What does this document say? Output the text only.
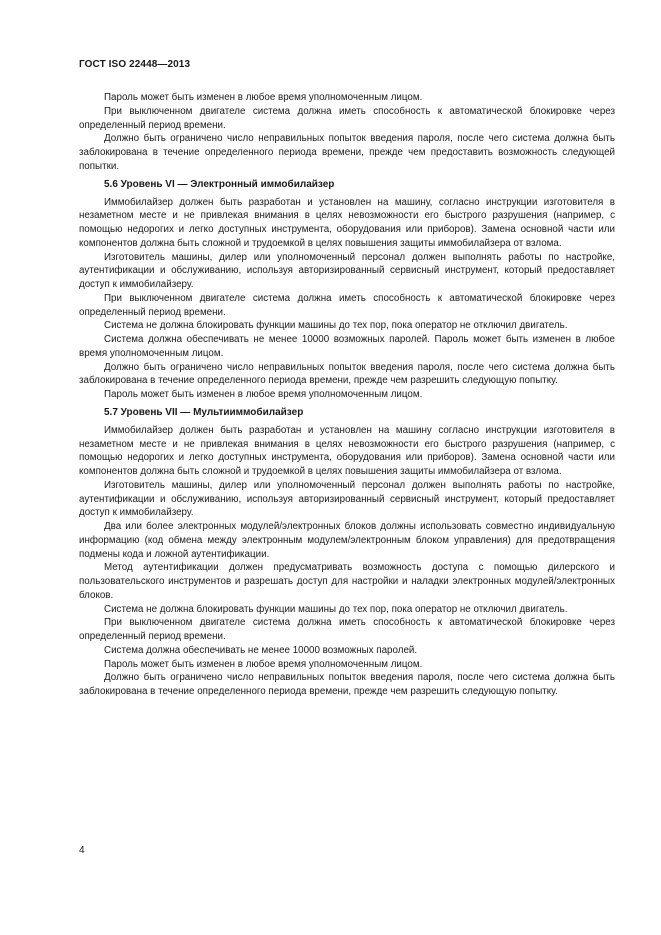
ГОСТ ISO 22448—2013

Пароль может быть изменен в любое время уполномоченным лицом.

При выключенном двигателе система должна иметь способность к автоматической блокировке через определенный период времени.

Должно быть ограничено число неправильных попыток введения пароля, после чего система должна быть заблокирована в течение определенного периода времени, прежде чем предоставить возможность следующей попытки.

5.6 Уровень VI — Электронный иммобилайзер

Иммобилайзер должен быть разработан и установлен на машину, согласно инструкции изготовителя в незаметном месте и не привлекая внимания в целях невозможности его быстрого разрушения (например, с помощью недорогих и легко доступных инструмента, оборудования или приборов). Замена основной части или компонентов должна быть сложной и трудоемкой в целях повышения защиты иммобилайзера от взлома.

Изготовитель машины, дилер или уполномоченный персонал должен выполнять работы по настройке, аутентификации и обслуживанию, используя авторизированный сервисный инструмент, который предоставляет доступ к иммобилайзеру.

При выключенном двигателе система должна иметь способность к автоматической блокировке через определенный период времени.

Система не должна блокировать функции машины до тех пор, пока оператор не отключил двигатель.

Система должна обеспечивать не менее 10000 возможных паролей. Пароль может быть изменен в любое время уполномоченным лицом.

Должно быть ограничено число неправильных попыток введения пароля, после чего система должна быть заблокирована в течение определенного периода времени, прежде чем разрешить следующую попытку.

Пароль может быть изменен в любое время уполномоченным лицом.

5.7 Уровень VII — Мультииммобилайзер

Иммобилайзер должен быть разработан и установлен на машину согласно инструкции изготовителя в незаметном месте и не привлекая внимания в целях невозможности его быстрого разрушения (например, с помощью недорогих и легко доступных инструмента, оборудования или приборов). Замена основной части или компонентов должна быть сложной и трудоемкой в целях повышения защиты иммобилайзера от взлома.

Изготовитель машины, дилер или уполномоченный персонал должен выполнять работы по настройке, аутентификации и обслуживанию, используя авторизированный сервисный инструмент, который предоставляет доступ к иммобилайзеру.

Два или более электронных модулей/электронных блоков должны использовать совместно индивидуальную информацию (код обмена между электронным модулем/электронным блоком управления) для предотвращения подмены кода и ложной аутентификации.

Метод аутентификации должен предусматривать возможность доступа с помощью дилерского и пользовательского инструментов и разрешать доступ для настройки и наладки электронных модулей/электронных блоков.

Система не должна блокировать функции машины до тех пор, пока оператор не отключил двигатель.

При выключенном двигателе система должна иметь способность к автоматической блокировке через определенный период времени.

Система должна обеспечивать не менее 10000 возможных паролей.

Пароль может быть изменен в любое время уполномоченным лицом.

Должно быть ограничено число неправильных попыток введения пароля, после чего система должна быть заблокирована в течение определенного периода времени, прежде чем разрешить следующую попытку.

4
